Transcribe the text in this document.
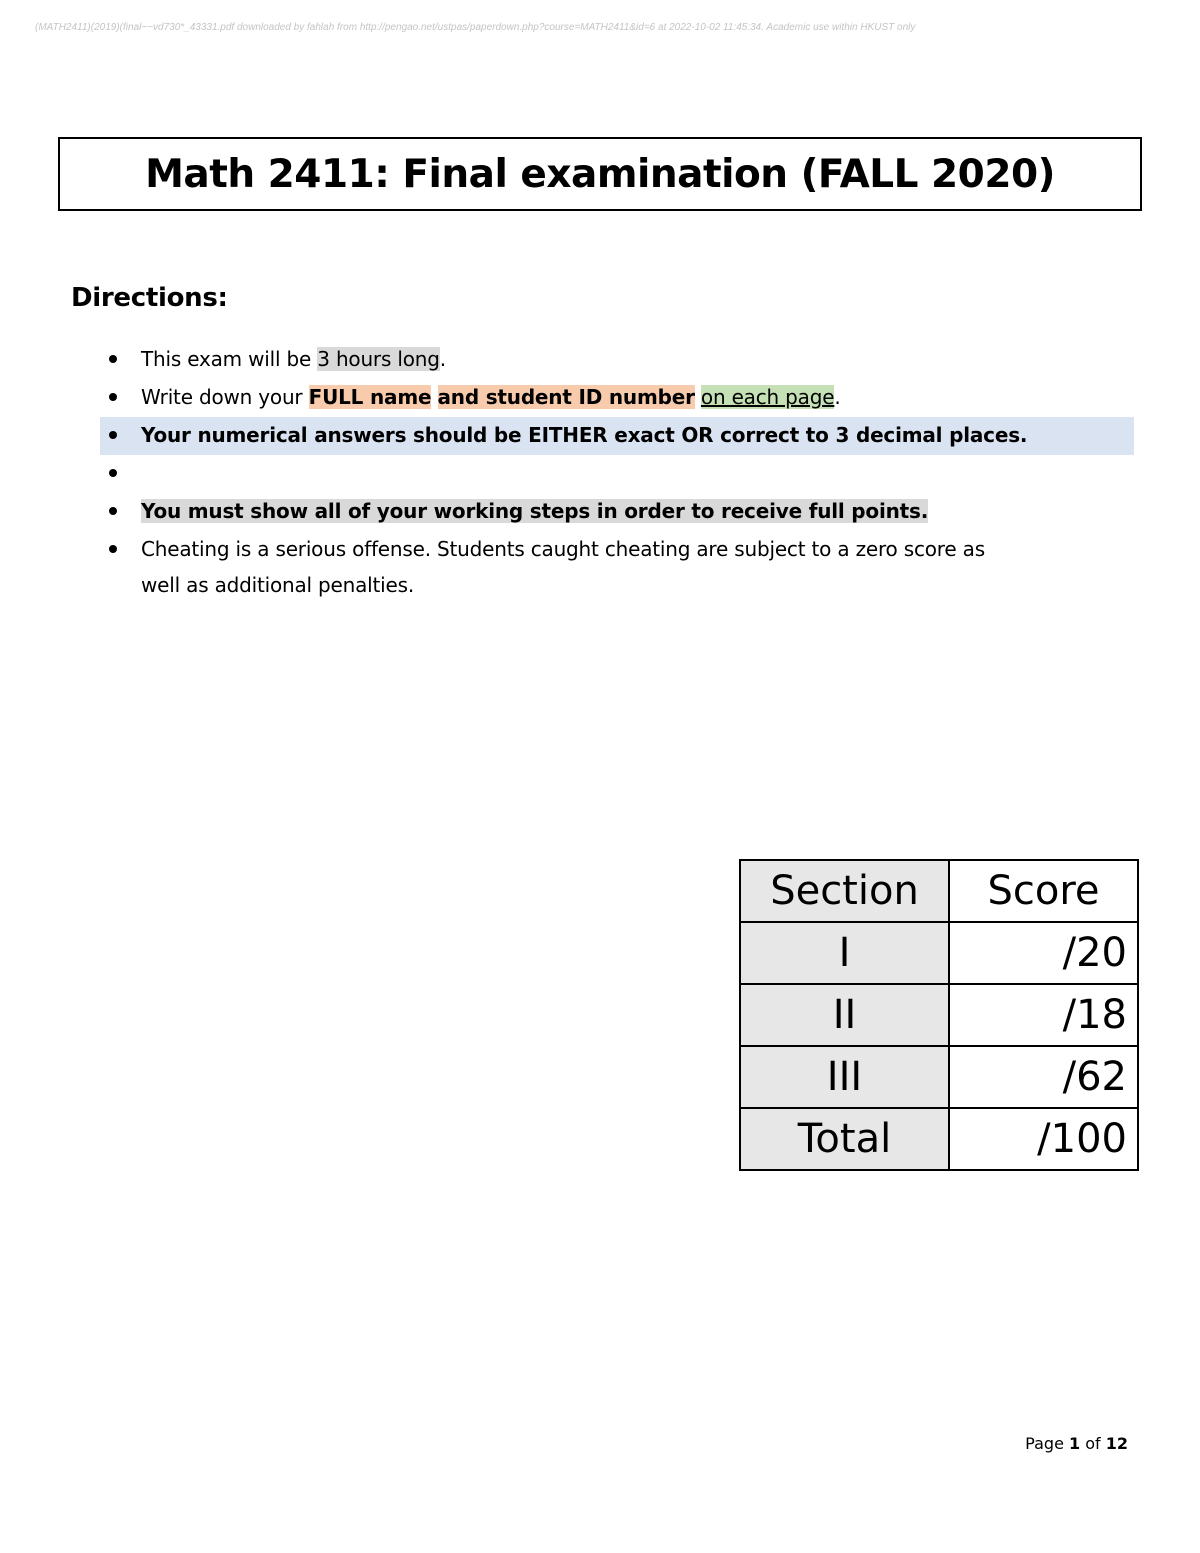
(MATH2411)(2019)(final~~vd730*_43331.pdf downloaded by fahlah from http://pengao.net/ustpas/paperdown.php?course=MATH2411&id=6 at 2022-10-02 11:45:34. Academic use within HKUST only
Math 2411: Final examination (FALL 2020)
Directions:
This exam will be 3 hours long.
Write down your FULL name and student ID number on each page.
Your numerical answers should be EITHER exact OR correct to 3 decimal places.
You must show all of your working steps in order to receive full points.
Cheating is a serious offense. Students caught cheating are subject to a zero score as
well as additional penalties.
Section	Score
I	/20
II	/18
III	/62
Total	/100
Page 1 of 12
